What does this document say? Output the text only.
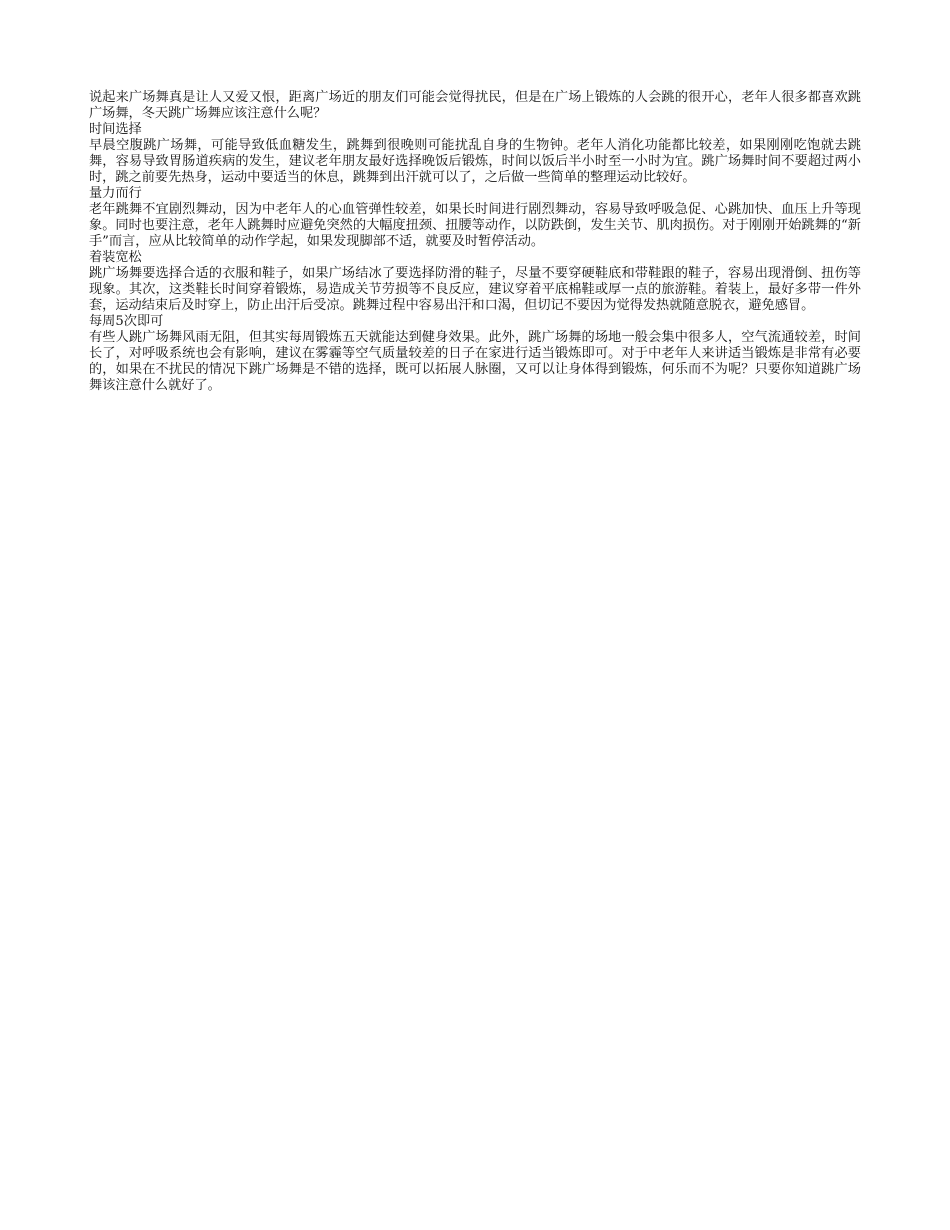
说起来广场舞真是让人又爱又恨，距离广场近的朋友们可能会觉得扰民，但是在广场上锻炼的人会跳的很开心，老年人很多都喜欢跳广场舞，冬天跳广场舞应该注意什么呢？

时间选择

早晨空腹跳广场舞，可能导致低血糖发生，跳舞到很晚则可能扰乱自身的生物钟。老年人消化功能都比较差，如果刚刚吃饱就去跳舞，容易导致胃肠道疾病的发生，建议老年朋友最好选择晚饭后锻炼，时间以饭后半小时至一小时为宜。跳广场舞时间不要超过两小时，跳之前要先热身，运动中要适当的休息，跳舞到出汗就可以了，之后做一些简单的整理运动比较好。

量力而行

老年跳舞不宜剧烈舞动，因为中老年人的心血管弹性较差，如果长时间进行剧烈舞动，容易导致呼吸急促、心跳加快、血压上升等现象。同时也要注意，老年人跳舞时应避免突然的大幅度扭颈、扭腰等动作，以防跌倒，发生关节、肌肉损伤。对于刚刚开始跳舞的“新手”而言，应从比较简单的动作学起，如果发现脚部不适，就要及时暂停活动。

着装宽松

跳广场舞要选择合适的衣服和鞋子，如果广场结冰了要选择防滑的鞋子，尽量不要穿硬鞋底和带鞋跟的鞋子，容易出现滑倒、扭伤等现象。其次，这类鞋长时间穿着锻炼，易造成关节劳损等不良反应，建议穿着平底棉鞋或厚一点的旅游鞋。着装上，最好多带一件外套，运动结束后及时穿上，防止出汗后受凉。跳舞过程中容易出汗和口渴，但切记不要因为觉得发热就随意脱衣，避免感冒。

每周5次即可

有些人跳广场舞风雨无阻，但其实每周锻炼五天就能达到健身效果。此外，跳广场舞的场地一般会集中很多人，空气流通较差，时间长了，对呼吸系统也会有影响，建议在雾霾等空气质量较差的日子在家进行适当锻炼即可。对于中老年人来讲适当锻炼是非常有必要的，如果在不扰民的情况下跳广场舞是不错的选择，既可以拓展人脉圈，又可以让身体得到锻炼，何乐而不为呢？只要你知道跳广场舞该注意什么就好了。
